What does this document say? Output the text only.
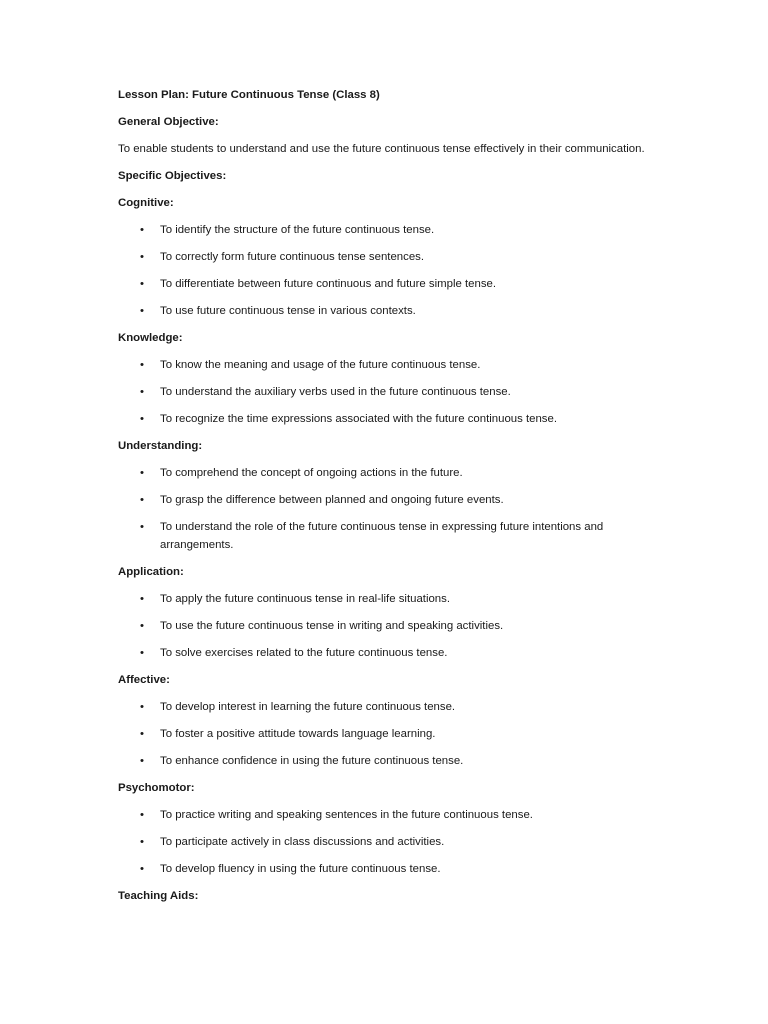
Lesson Plan: Future Continuous Tense (Class 8)
General Objective:
To enable students to understand and use the future continuous tense effectively in their communication.
Specific Objectives:
Cognitive:
• To identify the structure of the future continuous tense.
• To correctly form future continuous tense sentences.
• To differentiate between future continuous and future simple tense.
• To use future continuous tense in various contexts.
Knowledge:
• To know the meaning and usage of the future continuous tense.
• To understand the auxiliary verbs used in the future continuous tense.
• To recognize the time expressions associated with the future continuous tense.
Understanding:
• To comprehend the concept of ongoing actions in the future.
• To grasp the difference between planned and ongoing future events.
• To understand the role of the future continuous tense in expressing future intentions and arrangements.
Application:
• To apply the future continuous tense in real-life situations.
• To use the future continuous tense in writing and speaking activities.
• To solve exercises related to the future continuous tense.
Affective:
• To develop interest in learning the future continuous tense.
• To foster a positive attitude towards language learning.
• To enhance confidence in using the future continuous tense.
Psychomotor:
• To practice writing and speaking sentences in the future continuous tense.
• To participate actively in class discussions and activities.
• To develop fluency in using the future continuous tense.
Teaching Aids:
